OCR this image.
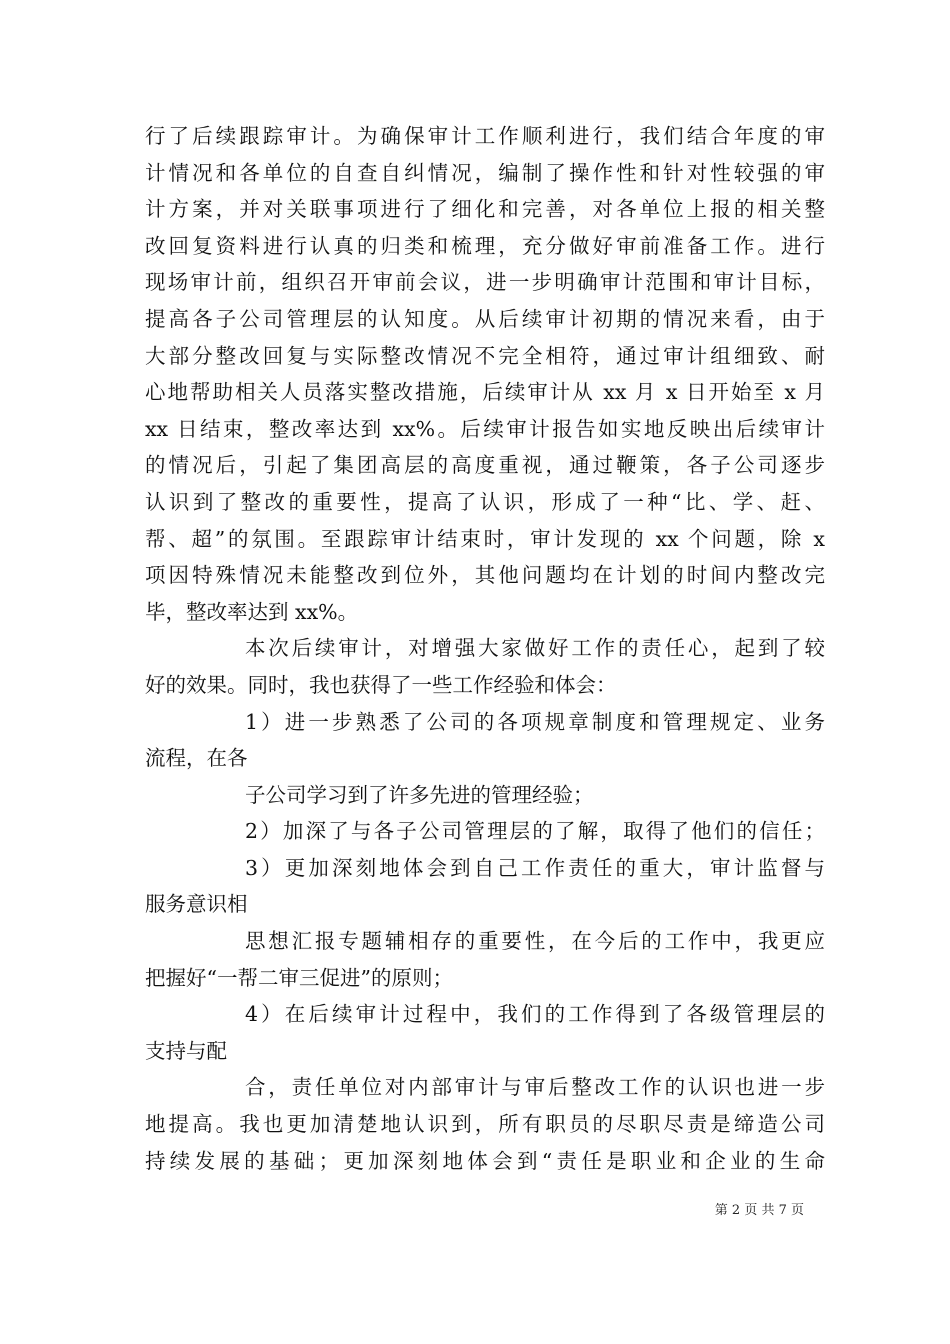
行了后续跟踪审计。为确保审计工作顺利进行，我们结合年度的审
计情况和各单位的自查自纠情况，编制了操作性和针对性较强的审
计方案，并对关联事项进行了细化和完善，对各单位上报的相关整
改回复资料进行认真的归类和梳理，充分做好审前准备工作。进行
现场审计前，组织召开审前会议，进一步明确审计范围和审计目标，
提高各子公司管理层的认知度。从后续审计初期的情况来看，由于
大部分整改回复与实际整改情况不完全相符，通过审计组细致、耐
心地帮助相关人员落实整改措施，后续审计从 xx 月 x 日开始至 x 月
xx 日结束，整改率达到 xx%。后续审计报告如实地反映出后续审计
的情况后，引起了集团高层的高度重视，通过鞭策，各子公司逐步
认识到了整改的重要性，提高了认识，形成了一种“比、学、赶、
帮、超”的氛围。至跟踪审计结束时，审计发现的 xx 个问题，除 x
项因特殊情况未能整改到位外，其他问题均在计划的时间内整改完
毕，整改率达到 xx%。
本次后续审计，对增强大家做好工作的责任心，起到了较
好的效果。同时，我也获得了一些工作经验和体会：
1）进一步熟悉了公司的各项规章制度和管理规定、业务
流程，在各
子公司学习到了许多先进的管理经验；
2）加深了与各子公司管理层的了解，取得了他们的信任；
3）更加深刻地体会到自己工作责任的重大，审计监督与
服务意识相
思想汇报专题辅相存的重要性，在今后的工作中，我更应
把握好“一帮二审三促进”的原则；
4）在后续审计过程中，我们的工作得到了各级管理层的
支持与配
合，责任单位对内部审计与审后整改工作的认识也进一步
地提高。我也更加清楚地认识到，所有职员的尽职尽责是缔造公司
持续发展的基础；更加深刻地体会到“责任是职业和企业的生命
第 2 页 共 7 页
